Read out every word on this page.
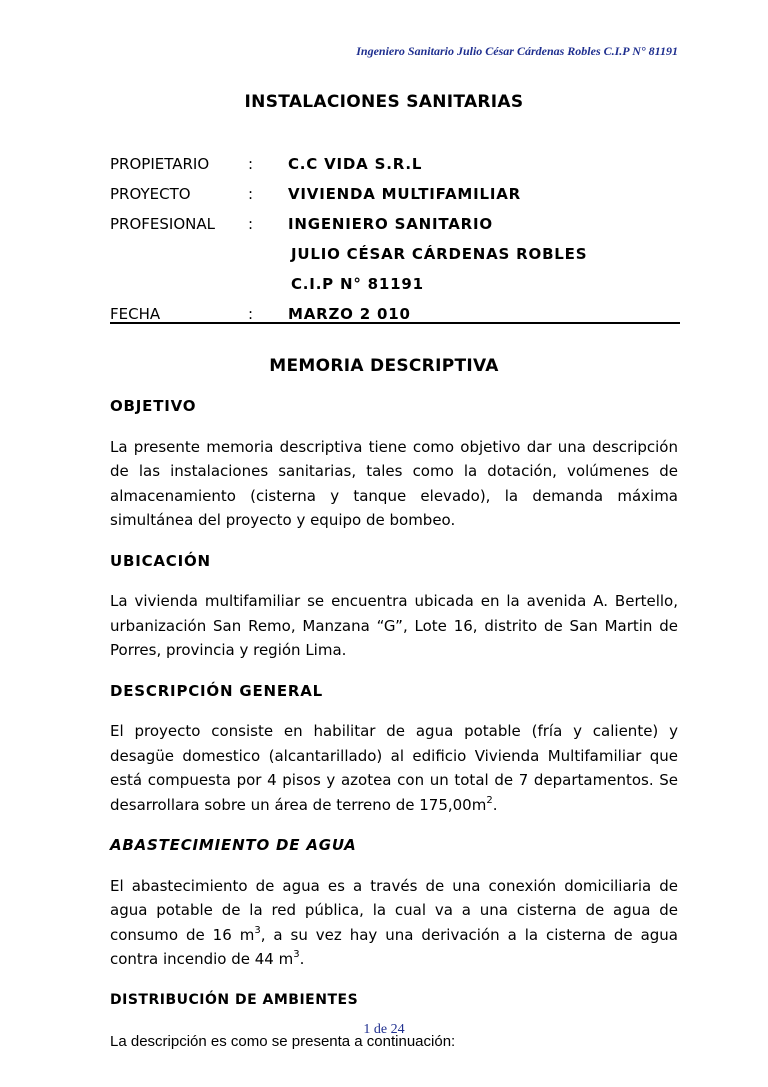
Ingeniero Sanitario Julio César Cárdenas Robles C.I.P N° 81191
INSTALACIONES SANITARIAS
PROPIETARIO	:	C.C VIDA S.R.L
PROYECTO	:	VIVIENDA MULTIFAMILIAR
PROFESIONAL	:	INGENIERO SANITARIO
JULIO CÉSAR CÁRDENAS ROBLES
C.I.P N° 81191
FECHA	:	MARZO 2 010
MEMORIA DESCRIPTIVA

OBJETIVO

La presente memoria descriptiva tiene como objetivo dar una descripción de las instalaciones sanitarias, tales como la dotación, volúmenes de almacenamiento (cisterna y tanque elevado), la demanda máxima simultánea del proyecto y equipo de bombeo.

UBICACIÓN

La vivienda multifamiliar se encuentra ubicada en la avenida A. Bertello, urbanización San Remo, Manzana “G”, Lote 16, distrito de San Martin de Porres, provincia y región Lima.

DESCRIPCIÓN GENERAL

El proyecto consiste en habilitar de agua potable (fría y caliente) y desagüe domestico (alcantarillado) al edificio Vivienda Multifamiliar que está compuesta por 4 pisos y azotea con un total de 7 departamentos. Se desarrollara sobre un área de terreno de $175,00m^2$.

ABASTECIMIENTO DE AGUA

El abastecimiento de agua es a través de una conexión domiciliaria de agua potable de la red pública, la cual va a una cisterna de agua de consumo de 16 $m^3$, a su vez hay una derivación a la cisterna de agua contra incendio de 44 $m^3$.

DISTRIBUCIÓN DE AMBIENTES

La descripción es como se presenta a continuación:

1 de 24
